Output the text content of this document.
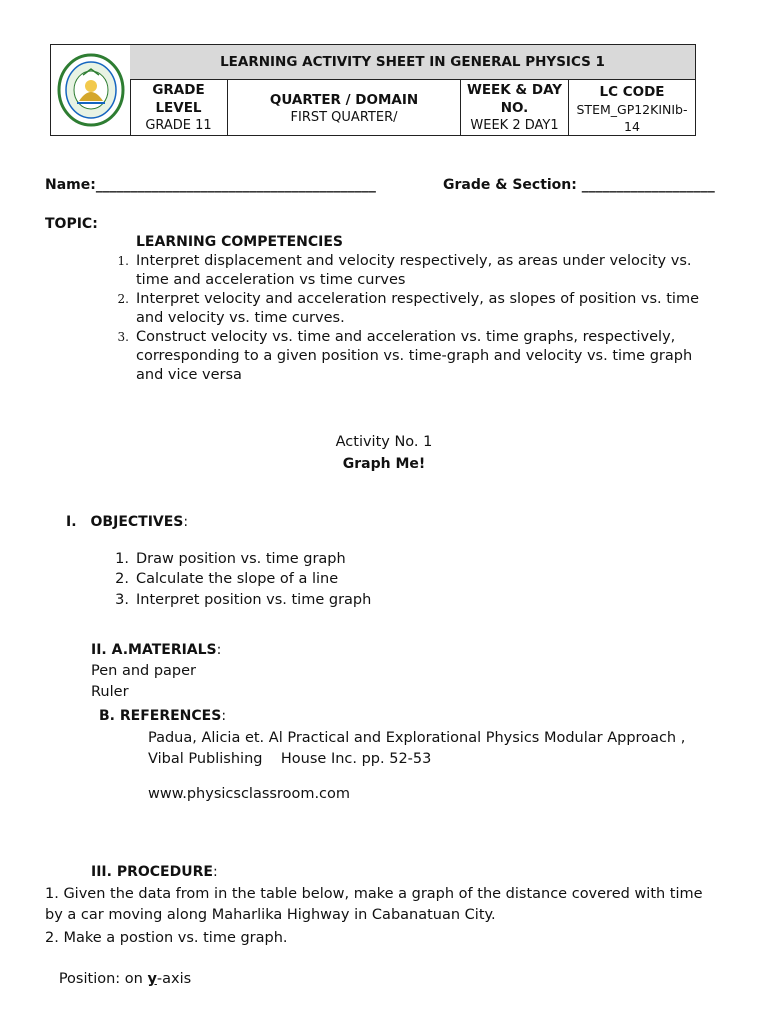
LEARNING ACTIVITY SHEET IN GENERAL PHYSICS 1
GRADE
LEVEL
GRADE 11
QUARTER / DOMAIN
FIRST QUARTER/
WEEK & DAY
NO.
WEEK 2 DAY1
LC CODE
STEM_GP12KINIb-
14
Name:________________________________________	Grade & Section: ___________________
TOPIC:
LEARNING COMPETENCIES
1. Interpret displacement and velocity respectively, as areas under velocity vs.
time and acceleration vs time curves
2. Interpret velocity and acceleration respectively, as slopes of position vs. time
and velocity vs. time curves.
3. Construct velocity vs. time and acceleration vs. time graphs, respectively,
corresponding to a given position vs. time-graph and velocity vs. time graph
and vice versa
Activity No. 1
Graph Me!
I. OBJECTIVES:
1. Draw position vs. time graph
2. Calculate the slope of a line
3. Interpret position vs. time graph
II. A.MATERIALS:
Pen and paper
Ruler
B. REFERENCES:
Padua, Alicia et. Al Practical and Explorational Physics Modular Approach ,
Vibal Publishing    House Inc. pp. 52-53
www.physicsclassroom.com
III. PROCEDURE:
1. Given the data from in the table below, make a graph of the distance covered with time
by a car moving along Maharlika Highway in Cabanatuan City.
2. Make a postion vs. time graph.

Position: on y-axis
